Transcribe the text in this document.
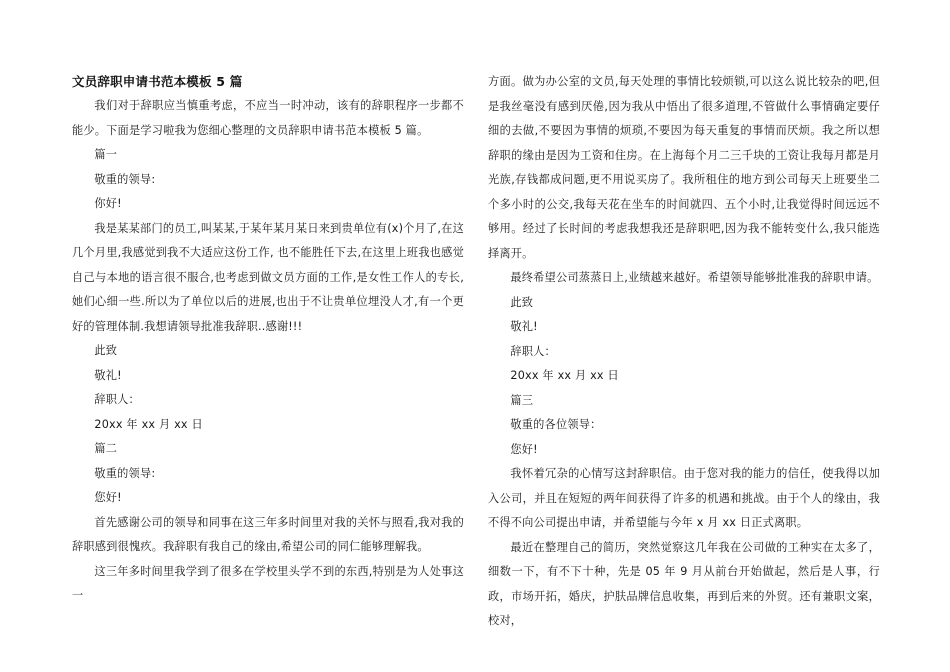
文员辞职申请书范本模板 5 篇
我们对于辞职应当慎重考虑，不应当一时冲动，该有的辞职程序一步都不能少。下面是学习啦我为您细心整理的文员辞职申请书范本模板 5 篇。
篇一
敬重的领导:
你好!
我是某某部门的员工,叫某某,于某年某月某日来到贵单位有(x)个月了,在这几个月里,我感觉到我不大适应这份工作, 也不能胜任下去,在这里上班我也感觉自己与本地的语言很不服合,也考虑到做文员方面的工作,是女性工作人的专长,她们心细一些.所以为了单位以后的进展,也出于不让贵单位埋没人才,有一个更好的管理体制.我想请领导批准我辞职..感谢!!!
此致
敬礼!
辞职人：
20xx 年 xx 月 xx 日
篇二
敬重的领导:
您好!
首先感谢公司的领导和同事在这三年多时间里对我的关怀与照看,我对我的辞职感到很愧疚。我辞职有我自己的缘由,希望公司的同仁能够理解我。
这三年多时间里我学到了很多在学校里头学不到的东西,特别是为人处事这一
方面。做为办公室的文员,每天处理的事情比较烦锁,可以这么说比较杂的吧,但是我丝毫没有感到厌倦,因为我从中悟出了很多道理,不管做什么事情确定要仔细的去做,不要因为事情的烦琐,不要因为每天重复的事情而厌烦。我之所以想辞职的缘由是因为工资和住房。在上海每个月二三千块的工资让我每月都是月光族,存钱都成问题,更不用说买房了。我所租住的地方到公司每天上班要坐二个多小时的公交,我每天花在坐车的时间就四、五个小时,让我觉得时间远远不够用。经过了长时间的考虑我想我还是辞职吧,因为我不能转变什么,我只能选择离开。
最终希望公司蒸蒸日上,业绩越来越好。希望领导能够批准我的辞职申请。
此致
敬礼!
辞职人：
20xx 年 xx 月 xx 日
篇三
敬重的各位领导：
您好!
我怀着冗杂的心情写这封辞职信。由于您对我的能力的信任，使我得以加入公司，并且在短短的两年间获得了许多的机遇和挑战。由于个人的缘由，我不得不向公司提出申请，并希望能与今年 x 月 xx 日正式离职。
最近在整理自己的简历，突然觉察这几年我在公司做的工种实在太多了，细数一下，有不下十种，先是 05 年 9 月从前台开始做起，然后是人事，行政，市场开拓，婚庆，护肤品牌信息收集，再到后来的外贸。还有兼职文案，校对，
